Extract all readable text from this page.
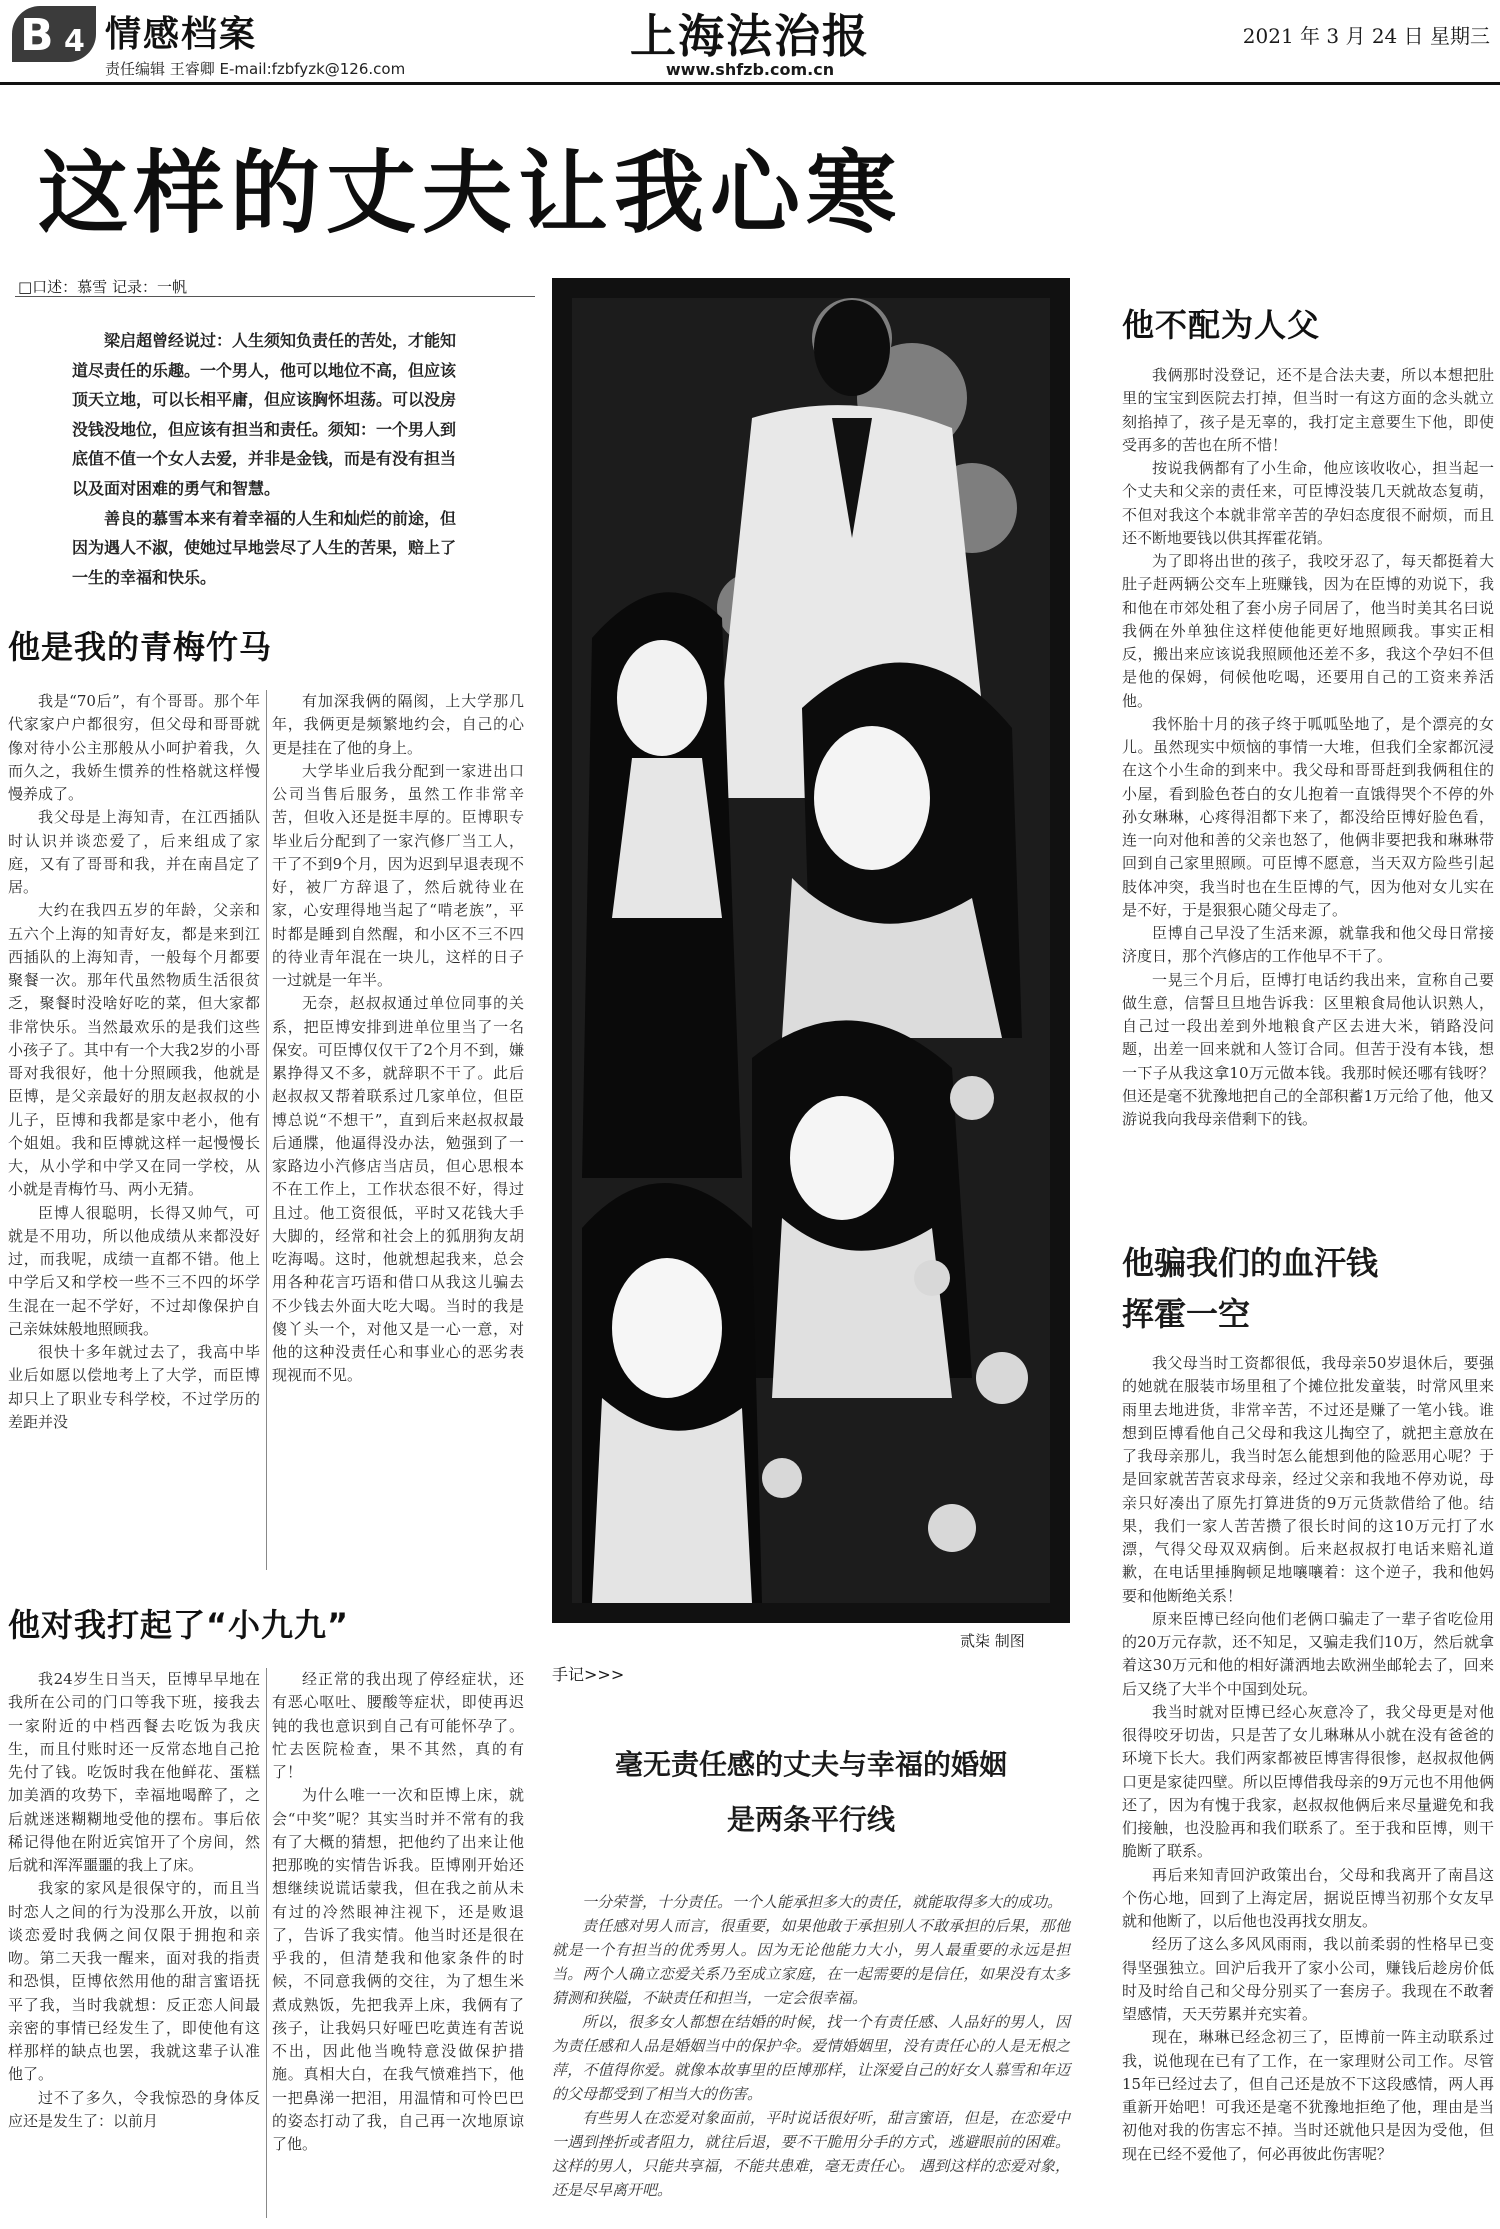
B 4 情感档案
责任编辑 王睿卿 E-mail:fzbfyzk@126.com
上海法治报
www.shfzb.com.cn
2021 年 3 月 24 日 星期三
这样的丈夫让我心寒
□口述：慕雪 记录：一帆

梁启超曾经说过：人生须知负责任的苦处，才能知道尽责任的乐趣。一个男人，他可以地位不高，但应该顶天立地，可以长相平庸，但应该胸怀坦荡。可以没房没钱没地位，但应该有担当和责任。须知：一个男人到底值不值一个女人去爱，并非是金钱，而是有没有担当以及面对困难的勇气和智慧。

善良的慕雪本来有着幸福的人生和灿烂的前途，但因为遇人不淑，使她过早地尝尽了人生的苦果，赔上了一生的幸福和快乐。

他是我的青梅竹马

我是“70后”，有个哥哥。那个年代家家户户都很穷，但父母和哥哥就像对待小公主那般从小呵护着我，久而久之，我娇生惯养的性格就这样慢慢养成了。

我父母是上海知青，在江西插队时认识并谈恋爱了，后来组成了家庭，又有了哥哥和我，并在南昌定了居。

大约在我四五岁的年龄，父亲和五六个上海的知青好友，都是来到江西插队的上海知青，一般每个月都要聚餐一次。那年代虽然物质生活很贫乏，聚餐时没啥好吃的菜，但大家都非常快乐。当然最欢乐的是我们这些小孩子了。其中有一个大我2岁的小哥哥对我很好，他十分照顾我，他就是臣博，是父亲最好的朋友赵叔叔的小儿子，臣博和我都是家中老小，他有个姐姐。我和臣博就这样一起慢慢长大，从小学和中学又在同一学校，从小就是青梅竹马、两小无猜。

臣博人很聪明，长得又帅气，可就是不用功，所以他成绩从来都没好过，而我呢，成绩一直都不错。他上中学后又和学校一些不三不四的坏学生混在一起不学好，不过却像保护自己亲妹妹般地照顾我。

很快十多年就过去了，我高中毕业后如愿以偿地考上了大学，而臣博却只上了职业专科学校，不过学历的差距并没

有加深我俩的隔阂，上大学那几年，我俩更是频繁地约会，自己的心更是挂在了他的身上。

大学毕业后我分配到一家进出口公司当售后服务，虽然工作非常辛苦，但收入还是挺丰厚的。臣博职专毕业后分配到了一家汽修厂当工人，干了不到9个月，因为迟到早退表现不好，被厂方辞退了，然后就待业在家，心安理得地当起了“啃老族”，平时都是睡到自然醒，和小区不三不四的待业青年混在一块儿，这样的日子一过就是一年半。

无奈，赵叔叔通过单位同事的关系，把臣博安排到进单位里当了一名保安。可臣博仅仅干了2个月不到，嫌累挣得又不多，就辞职不干了。此后赵叔叔又帮着联系过几家单位，但臣博总说“不想干”，直到后来赵叔叔最后通牒，他逼得没办法，勉强到了一家路边小汽修店当店员，但心思根本不在工作上，工作状态很不好，得过且过。他工资很低，平时又花钱大手大脚的，经常和社会上的狐朋狗友胡吃海喝。这时，他就想起我来，总会用各种花言巧语和借口从我这儿骗去不少钱去外面大吃大喝。当时的我是傻丫头一个，对他又是一心一意，对他的这种没责任心和事业心的恶劣表现视而不见。

他对我打起了“小九九”

我24岁生日当天，臣博早早地在我所在公司的门口等我下班，接我去一家附近的中档西餐去吃饭为我庆生，而且付账时还一反常态地自己抢先付了钱。吃饭时我在他鲜花、蛋糕加美酒的攻势下，幸福地喝醉了，之后就迷迷糊糊地受他的摆布。事后依稀记得他在附近宾馆开了个房间，然后就和浑浑噩噩的我上了床。

我家的家风是很保守的，而且当时恋人之间的行为没那么开放，以前谈恋爱时我俩之间仅限于拥抱和亲吻。第二天我一醒来，面对我的指责和恐惧，臣博依然用他的甜言蜜语抚平了我，当时我就想：反正恋人间最亲密的事情已经发生了，即使他有这样那样的缺点也罢，我就这辈子认准他了。

过不了多久，令我惊恐的身体反应还是发生了：以前月

经正常的我出现了停经症状，还有恶心呕吐、腰酸等症状，即使再迟钝的我也意识到自己有可能怀孕了。忙去医院检查，果不其然，真的有了！

为什么唯一一次和臣博上床，就会“中奖”呢？其实当时并不常有的我有了大概的猜想，把他约了出来让他把那晚的实情告诉我。臣博刚开始还想继续说谎话蒙我，但在我之前从未有过的冷然眼神注视下，还是败退了，告诉了我实情。他当时还是很在乎我的，但清楚我和他家条件的时候，不同意我俩的交往，为了想生米煮成熟饭，先把我弄上床，我俩有了孩子，让我妈只好哑巴吃黄连有苦说不出，因此他当晚特意没做保护措施。真相大白，在我气愤难挡下，他一把鼻涕一把泪，用温情和可怜巴巴的姿态打动了我，自己再一次地原谅了他。

贰柒 制图
手记>>>
毫无责任感的丈夫与幸福的婚姻
是两条平行线

一分荣誉，十分责任。一个人能承担多大的责任，就能取得多大的成功。

责任感对男人而言，很重要，如果他敢于承担别人不敢承担的后果，那他就是一个有担当的优秀男人。因为无论他能力大小，男人最重要的永远是担当。两个人确立恋爱关系乃至成立家庭，在一起需要的是信任，如果没有太多猜测和狭隘，不缺责任和担当，一定会很幸福。

所以，很多女人都想在结婚的时候，找一个有责任感、人品好的男人，因为责任感和人品是婚姻当中的保护伞。爱情婚姻里，没有责任心的人是无根之萍，不值得你爱。就像本故事里的臣博那样，让深爱自己的好女人慕雪和年迈的父母都受到了相当大的伤害。

有些男人在恋爱对象面前，平时说话很好听，甜言蜜语，但是，在恋爱中一遇到挫折或者阻力，就往后退，要不干脆用分手的方式，逃避眼前的困难。这样的男人，只能共享福，不能共患难，毫无责任心。 遇到这样的恋爱对象，还是尽早离开吧。

他不配为人父

我俩那时没登记，还不是合法夫妻，所以本想把肚里的宝宝到医院去打掉，但当时一有这方面的念头就立刻掐掉了，孩子是无辜的，我打定主意要生下他，即使受再多的苦也在所不惜！

按说我俩都有了小生命，他应该收收心，担当起一个丈夫和父亲的责任来，可臣博没装几天就故态复萌，不但对我这个本就非常辛苦的孕妇态度很不耐烦，而且还不断地要钱以供其挥霍花销。

为了即将出世的孩子，我咬牙忍了，每天都挺着大肚子赶两辆公交车上班赚钱，因为在臣博的劝说下，我和他在市郊处租了套小房子同居了，他当时美其名曰说我俩在外单独住这样使他能更好地照顾我。事实正相反，搬出来应该说我照顾他还差不多，我这个孕妇不但是他的保姆，伺候他吃喝，还要用自己的工资来养活他。

我怀胎十月的孩子终于呱呱坠地了，是个漂亮的女儿。虽然现实中烦恼的事情一大堆，但我们全家都沉浸在这个小生命的到来中。我父母和哥哥赶到我俩租住的小屋，看到脸色苍白的女儿抱着一直饿得哭个不停的外孙女琳琳，心疼得泪都下来了，都没给臣博好脸色看，连一向对他和善的父亲也怒了，他俩非要把我和琳琳带回到自己家里照顾。可臣博不愿意，当天双方险些引起肢体冲突，我当时也在生臣博的气，因为他对女儿实在是不好，于是狠狠心随父母走了。

臣博自己早没了生活来源，就靠我和他父母日常接济度日，那个汽修店的工作他早不干了。

一晃三个月后，臣博打电话约我出来，宣称自己要做生意，信誓旦旦地告诉我：区里粮食局他认识熟人，自己过一段出差到外地粮食产区去进大米，销路没问题，出差一回来就和人签订合同。但苦于没有本钱，想一下子从我这拿10万元做本钱。我那时候还哪有钱呀？但还是毫不犹豫地把自己的全部积蓄1万元给了他，他又游说我向我母亲借剩下的钱。

他骗我们的血汗钱
挥霍一空

我父母当时工资都很低，我母亲50岁退休后，要强的她就在服装市场里租了个摊位批发童装，时常风里来雨里去地进货，非常辛苦，不过还是赚了一笔小钱。谁想到臣博看他自己父母和我这儿掏空了，就把主意放在了我母亲那儿，我当时怎么能想到他的险恶用心呢？于是回家就苦苦哀求母亲，经过父亲和我地不停劝说，母亲只好凑出了原先打算进货的9万元货款借给了他。结果，我们一家人苦苦攒了很长时间的这10万元打了水漂，气得父母双双病倒。后来赵叔叔打电话来赔礼道歉，在电话里捶胸顿足地嚷嚷着：这个逆子，我和他妈要和他断绝关系！

原来臣博已经向他们老俩口骗走了一辈子省吃俭用的20万元存款，还不知足，又骗走我们10万，然后就拿着这30万元和他的相好潇洒地去欧洲坐邮轮去了，回来后又绕了大半个中国到处玩。

我当时就对臣博已经心灰意冷了，我父母更是对他很得咬牙切齿，只是苦了女儿琳琳从小就在没有爸爸的环境下长大。我们两家都被臣博害得很惨，赵叔叔他俩口更是家徒四壁。所以臣博借我母亲的9万元也不用他俩还了，因为有愧于我家，赵叔叔他俩后来尽量避免和我们接触，也没脸再和我们联系了。至于我和臣博，则干脆断了联系。

再后来知青回沪政策出台，父母和我离开了南昌这个伤心地，回到了上海定居，据说臣博当初那个女友早就和他断了，以后他也没再找女朋友。

经历了这么多风风雨雨，我以前柔弱的性格早已变得坚强独立。回沪后我开了家小公司，赚钱后趁房价低时及时给自己和父母分别买了一套房子。我现在不敢奢望感情，天天劳累并充实着。

现在，琳琳已经念初三了，臣博前一阵主动联系过我，说他现在已有了工作，在一家理财公司工作。尽管15年已经过去了，但自己还是放不下这段感情，两人再重新开始吧！可我还是毫不犹豫地拒绝了他，理由是当初他对我的伤害忘不掉。当时还就他只是因为受他，但现在已经不爱他了，何必再彼此伤害呢？
